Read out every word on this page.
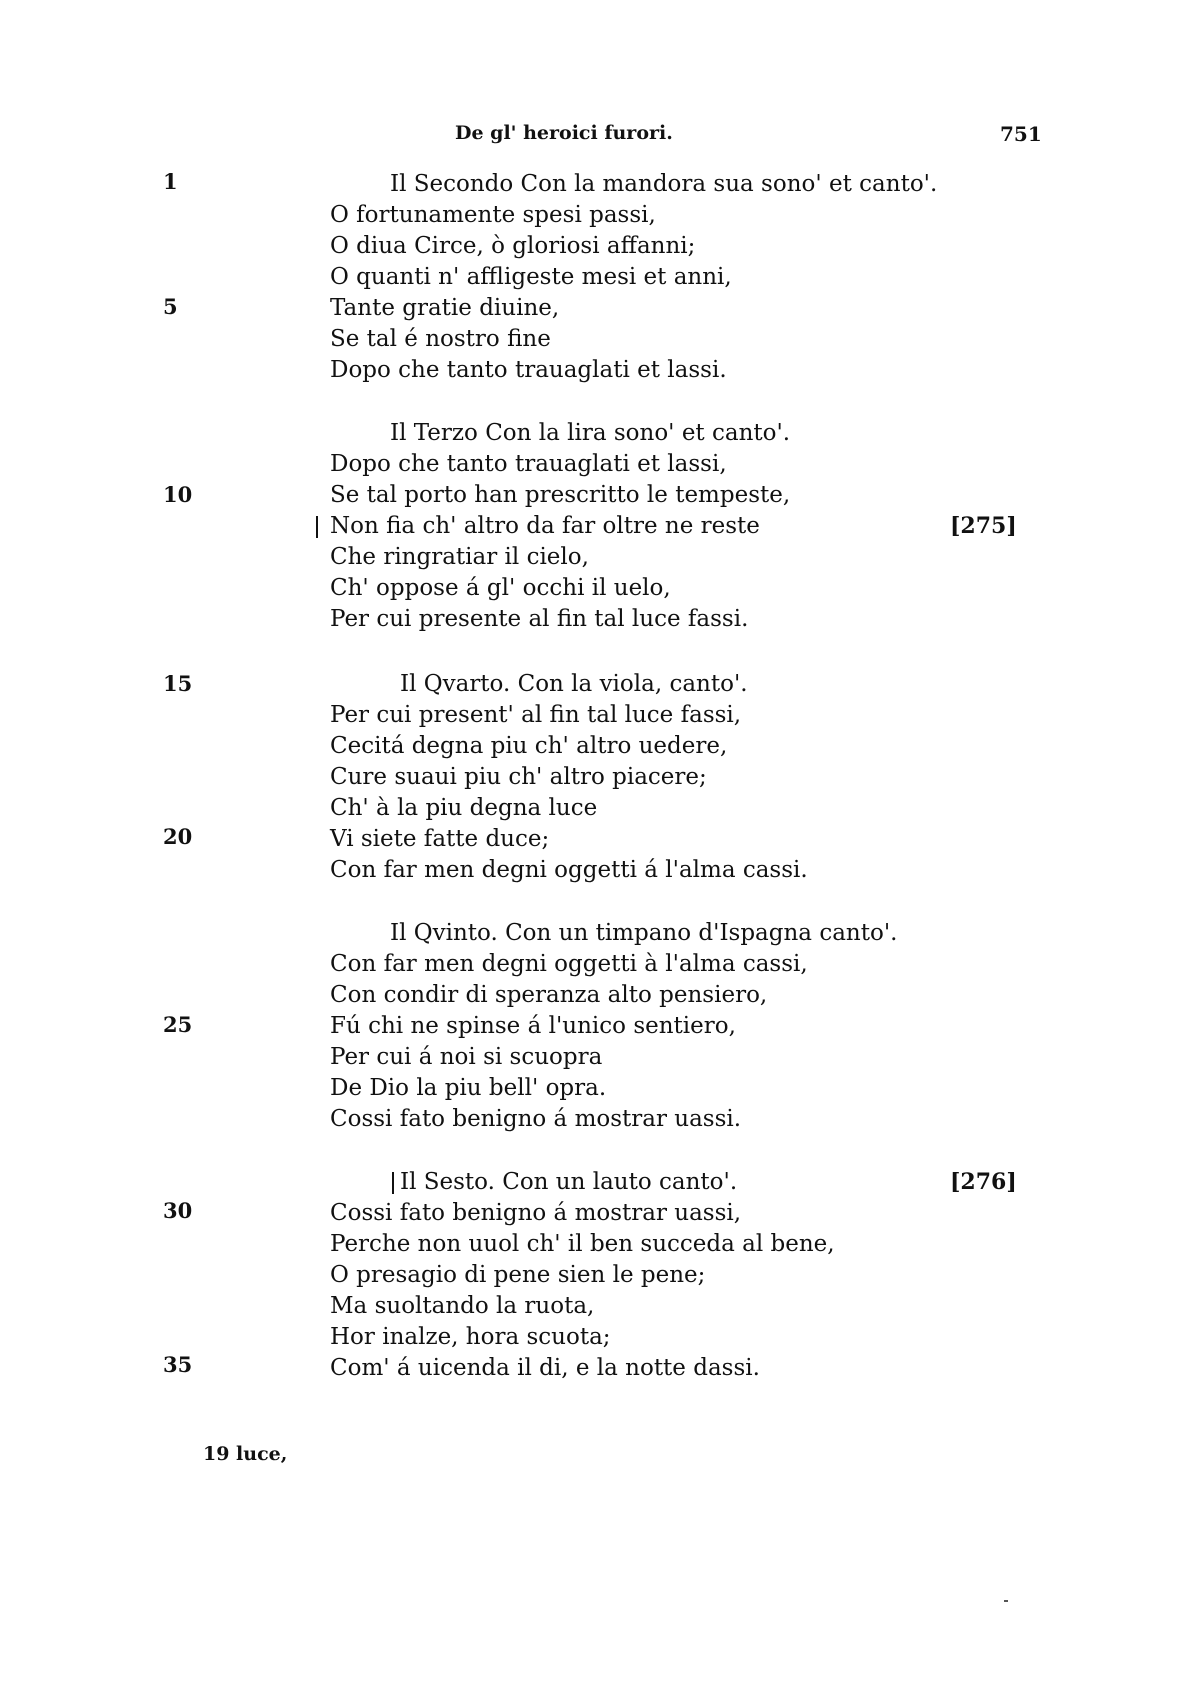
De gl' heroici furori.	751
1
5
10
15
20
25
30
35
Il Secondo Con la mandora sua sono' et canto'.
O fortunamente spesi passi,
O diua Circe, ò gloriosi affanni;
O quanti n' affligeste mesi et anni,
Tante gratie diuine,
Se tal é nostro fine
Dopo che tanto trauaglati et lassi.
Il Terzo Con la lira sono' et canto'.
Dopo che tanto trauaglati et lassi,
Se tal porto han prescritto le tempeste,
Non fia ch' altro da far oltre ne reste	[275]
Che ringratiar il cielo,
Ch' oppose á gl' occhi il uelo,
Per cui presente al fin tal luce fassi.
Il Qvarto. Con la viola, canto'.
Per cui present' al fin tal luce fassi,
Cecitá degna piu ch' altro uedere,
Cure suaui piu ch' altro piacere;
Ch' à la piu degna luce
Vi siete fatte duce;
Con far men degni oggetti á l'alma cassi.
Il Qvinto. Con un timpano d'Ispagna canto'.
Con far men degni oggetti à l'alma cassi,
Con condir di speranza alto pensiero,
Fú chi ne spinse á l'unico sentiero,
Per cui á noi si scuopra
De Dio la piu bell' opra.
Cossi fato benigno á mostrar uassi.
Il Sesto. Con un lauto canto'.	[276]
Cossi fato benigno á mostrar uassi,
Perche non uuol ch' il ben succeda al bene,
O presagio di pene sien le pene;
Ma suoltando la ruota,
Hor inalze, hora scuota;
Com' á uicenda il di, e la notte dassi.
19 luce,
